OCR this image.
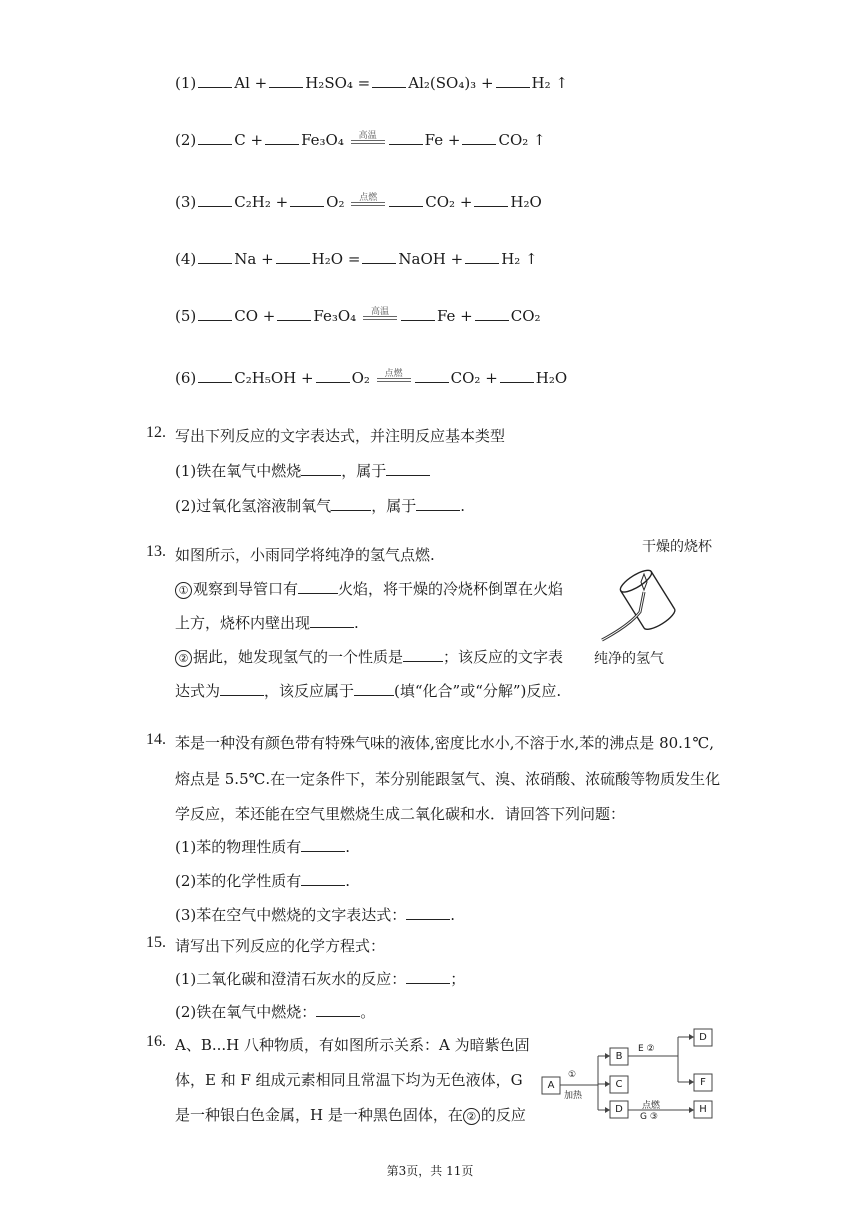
(1)	Al +	H₂SO₄ =	Al₂(SO₄)₃ +	H₂ ↑
(2)	C +	Fe₃O₄	高温	Fe +	CO₂ ↑
(3)	C₂H₂ +	O₂	点燃	CO₂ +	H₂O
(4)	Na +	H₂O =	NaOH +	H₂ ↑
(5)	CO +	Fe₃O₄	高温	Fe +	CO₂
(6)	C₂H₅OH +	O₂	点燃	CO₂ +	H₂O
12. 写出下列反应的文字表达式，并注明反应基本类型
(1)铁在氧气中燃烧	，属于
(2)过氧化氢溶液制氧气	，属于	.
13. 如图所示，小雨同学将纯净的氢气点燃.
① 观察到导管口有	火焰，将干燥的冷烧杯倒罩在火焰
上方，烧杯内壁出现	.
② 据此，她发现氢气的一个性质是	；该反应的文字表
达式为	，该反应属于	(填“化合”或“分解”)反应.
干燥的烧杯
纯净的氢气
14. 苯是一种没有颜色带有特殊气味的液体,密度比水小,不溶于水,苯的沸点是 80.1℃,
熔点是 5.5℃.在一定条件下，苯分别能跟氢气、溴、浓硝酸、浓硫酸等物质发生化
学反应，苯还能在空气里燃烧生成二氧化碳和水．请回答下列问题：
(1)苯的物理性质有	.
(2)苯的化学性质有	.
(3)苯在空气中燃烧的文字表达式：	.
15. 请写出下列反应的化学方程式：
(1)二氧化碳和澄清石灰水的反应：	；
(2)铁在氧气中燃烧：	。
16. A、B...H 八种物质，有如图所示关系：A 为暗紫色固
体，E 和 F 组成元素相同且常温下均为无色液体，G
是一种银白色金属，H 是一种黑色固体，在 ② 的反应
A
B
C
D
D
F
H
①
加热
E ②
点燃
G ③
第3页，共 11页
